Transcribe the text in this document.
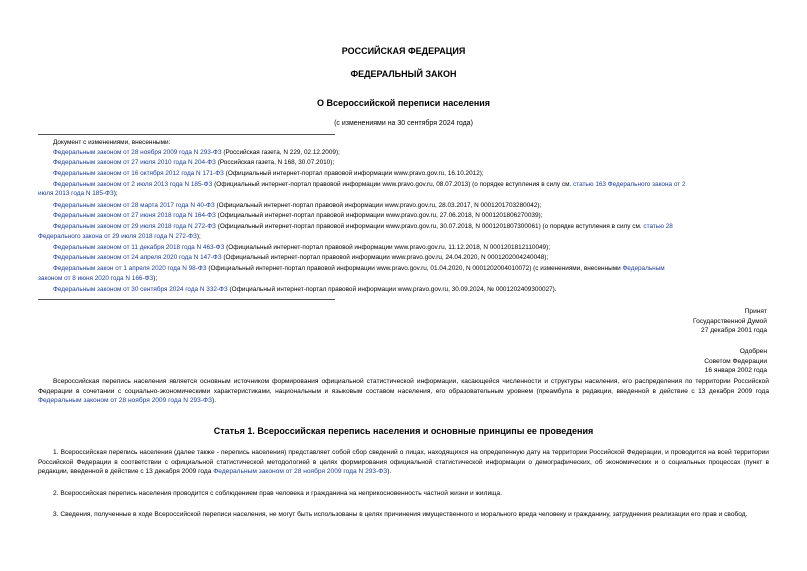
РОССИЙСКАЯ ФЕДЕРАЦИЯ
ФЕДЕРАЛЬНЫЙ ЗАКОН
О Всероссийской переписи населения
(с изменениями на 30 сентября 2024 года)
Документ с изменениями, внесенными:
Федеральным законом от 28 ноября 2009 года N 293-ФЗ (Российская газета, N 229, 02.12.2009);
Федеральным законом от 27 июля 2010 года N 204-ФЗ (Российская газета, N 168, 30.07.2010);
Федеральным законом от 16 октября 2012 года N 171-ФЗ (Официальный интернет-портал правовой информации www.pravo.gov.ru, 16.10.2012);
Федеральным законом от 2 июля 2013 года N 185-ФЗ (Официальный интернет-портал правовой информации www.pravo.gov.ru, 08.07.2013) (о порядке вступления в силу см. статью 163 Федерального закона от 2
июля 2013 года N 185-ФЗ);
Федеральным законом от 28 марта 2017 года N 40-ФЗ (Официальный интернет-портал правовой информации www.pravo.gov.ru, 28.03.2017, N 0001201703280042);
Федеральным законом от 27 июня 2018 года N 164-ФЗ (Официальный интернет-портал правовой информации www.pravo.gov.ru, 27.06.2018, N 0001201806270039);
Федеральным законом от 29 июля 2018 года N 272-ФЗ (Официальный интернет-портал правовой информации www.pravo.gov.ru, 30.07.2018, N 0001201807300061) (о порядке вступления в силу см. статью 28
Федерального закона от 29 июля 2018 года N 272-ФЗ);
Федеральным законом от 11 декабря 2018 года N 463-ФЗ (Официальный интернет-портал правовой информации www.pravo.gov.ru, 11.12.2018, N 0001201812110049);
Федеральным законом от 24 апреля 2020 года N 147-ФЗ (Официальный интернет-портал правовой информации www.pravo.gov.ru, 24.04.2020, N 0001202004240048);
Федеральным закон от 1 апреля 2020 года N 98-ФЗ (Официальный интернет-портал правовой информации www.pravo.gov.ru, 01.04.2020, N 0001202004010072) (с изменениями, внесенными Федеральным
законом от 8 июня 2020 года N 166-ФЗ);
Федеральным законом от 30 сентября 2024 года N 332-ФЗ (Официальный интернет-портал правовой информации www.pravo.gov.ru, 30.09.2024, № 0001202409300027).
Принят
Государственной Думой
27 декабря 2001 года
Одобрен
Советом Федерации
16 января 2002 года
Всероссийская перепись населения является основным источником формирования официальной статистической информации, касающейся численности и структуры населения, его распределения по территории Российской Федерации в сочетании с социально-экономическими характеристиками, национальным и языковым составом населения, его образовательным уровнем (преамбула в редакции, введенной в действие с 13 декабря 2009 года Федеральным законом от 28 ноября 2009 года N 293-ФЗ).
Статья 1. Всероссийская перепись населения и основные принципы ее проведения
1. Всероссийская перепись населения (далее также - перепись населения) представляет собой сбор сведений о лицах, находящихся на определенную дату на территории Российской Федерации, и проводится на всей территории Российской Федерации в соответствии с официальной статистической методологией в целях формирования официальной статистической информации о демографических, об экономических и о социальных процессах (пункт в редакции, введенной в действие с 13 декабря 2009 года Федеральным законом от 28 ноября 2009 года N 293-ФЗ).
2. Всероссийская перепись населения проводится с соблюдением прав человека и гражданина на неприкосновенность частной жизни и жилища.
3. Сведения, полученные в ходе Всероссийской переписи населения, не могут быть использованы в целях причинения имущественного и морального вреда человеку и гражданину, затруднения реализации его прав и свобод.
